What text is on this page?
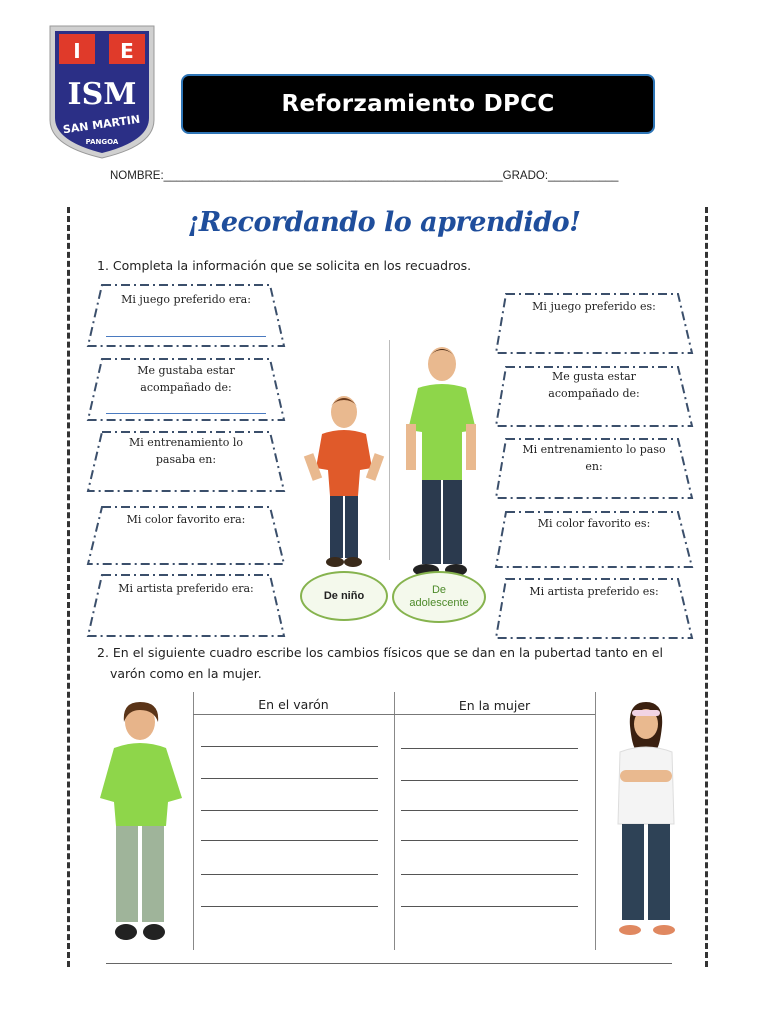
I E
ISM
SAN MARTIN
PANGOA
Reforzamiento DPCC
NOMBRE:_____________________________________________________GRADO:___________
¡Recordando lo aprendido!
1. Completa la información que se solicita en los recuadros.
Mi juego preferido era:
Me gustaba estar
acompañado de:
Mi entrenamiento lo
pasaba en:
Mi color favorito era:
Mi artista preferido era:
Mi juego preferido es:
Me gusta estar
acompañado de:
Mi entrenamiento lo paso
en:
Mi color favorito es:
Mi artista preferido es:
De niño	De
adolescente
2. En el siguiente cuadro escribe los cambios físicos que se dan en la pubertad tanto en el
varón como en la mujer.
En el varón	En la mujer
